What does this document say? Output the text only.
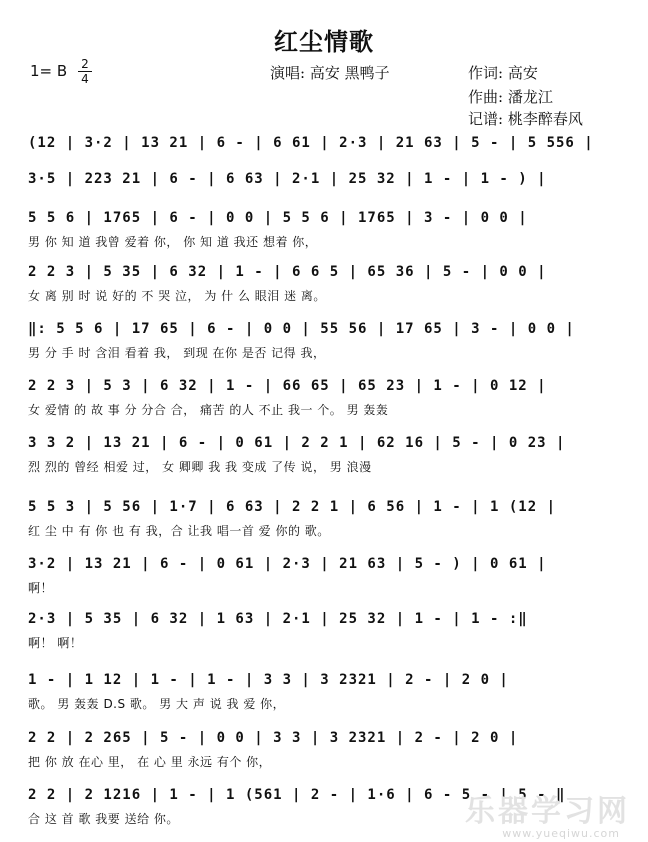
红尘情歌
1= B 2
4	演唱: 高安 黑鸭子	作词: 高安
作曲: 潘龙江
记谱: 桃李醉春风
(12 | 3·2 | 13 21 | 6 - | 6 61 | 2·3 | 21 63 | 5 - | 5 556 |
3·5 | 223 21 | 6 - | 6 63 | 2·1 | 25 32 | 1 - | 1 - ) |
5 5 6 | 1765 | 6 - | 0 0 | 5 5 6 | 1765 | 3 - | 0 0 |
男 你 知 道 我曾 爱着 你， 你 知 道 我还 想着 你，
2 2 3 | 5 35 | 6 32 | 1 - | 6 6 5 | 65 36 | 5 - | 0 0 |
女 离 别 时 说 好的 不 哭 泣， 为 什 么 眼泪 迷 离。
‖: 5 5 6 | 17 65 | 6 - | 0 0 | 55 56 | 17 65 | 3 - | 0 0 |
男 分 手 时 含泪 看着 我， 到现 在你 是否 记得 我，
2 2 3 | 5 3 | 6 32 | 1 - | 66 65 | 65 23 | 1 - | 0 12 |
女 爱情 的 故 事 分 分合 合， 痛苦 的人 不止 我一 个。 男 轰轰
3 3 2 | 13 21 | 6 - | 0 61 | 2 2 1 | 62 16 | 5 - | 0 23 |
烈 烈的 曾经 相爱 过， 女 卿卿 我 我 变成 了传 说， 男 浪漫
5 5 3 | 5 56 | 1·7 | 6 63 | 2 2 1 | 6 56 | 1 - | 1 (12 |
红 尘 中 有 你 也 有 我，合 让我 唱一首 爱 你的 歌。
3·2 | 13 21 | 6 - | 0 61 | 2·3 | 21 63 | 5 - ) | 0 61 |
啊！
2·3 | 5 35 | 6 32 | 1 63 | 2·1 | 25 32 | 1 - | 1 - :‖
啊！ 啊！
1 - | 1 12 | 1 - | 1 - | 3 3 | 3 2321 | 2 - | 2 0 |
歌。 男 轰轰 D.S 歌。 男 大 声 说 我 爱 你，
2 2 | 2 265 | 5 - | 0 0 | 3 3 | 3 2321 | 2 - | 2 0 |
把 你 放 在心 里， 在 心 里 永远 有个 你，
2 2 | 2 1216 | 1 - | 1 (561 | 2 - | 1·6 | 6 - 5 - | 5 - ‖
合 这 首 歌 我要 送给 你。	乐器学习网
www.yueqiwu.com
